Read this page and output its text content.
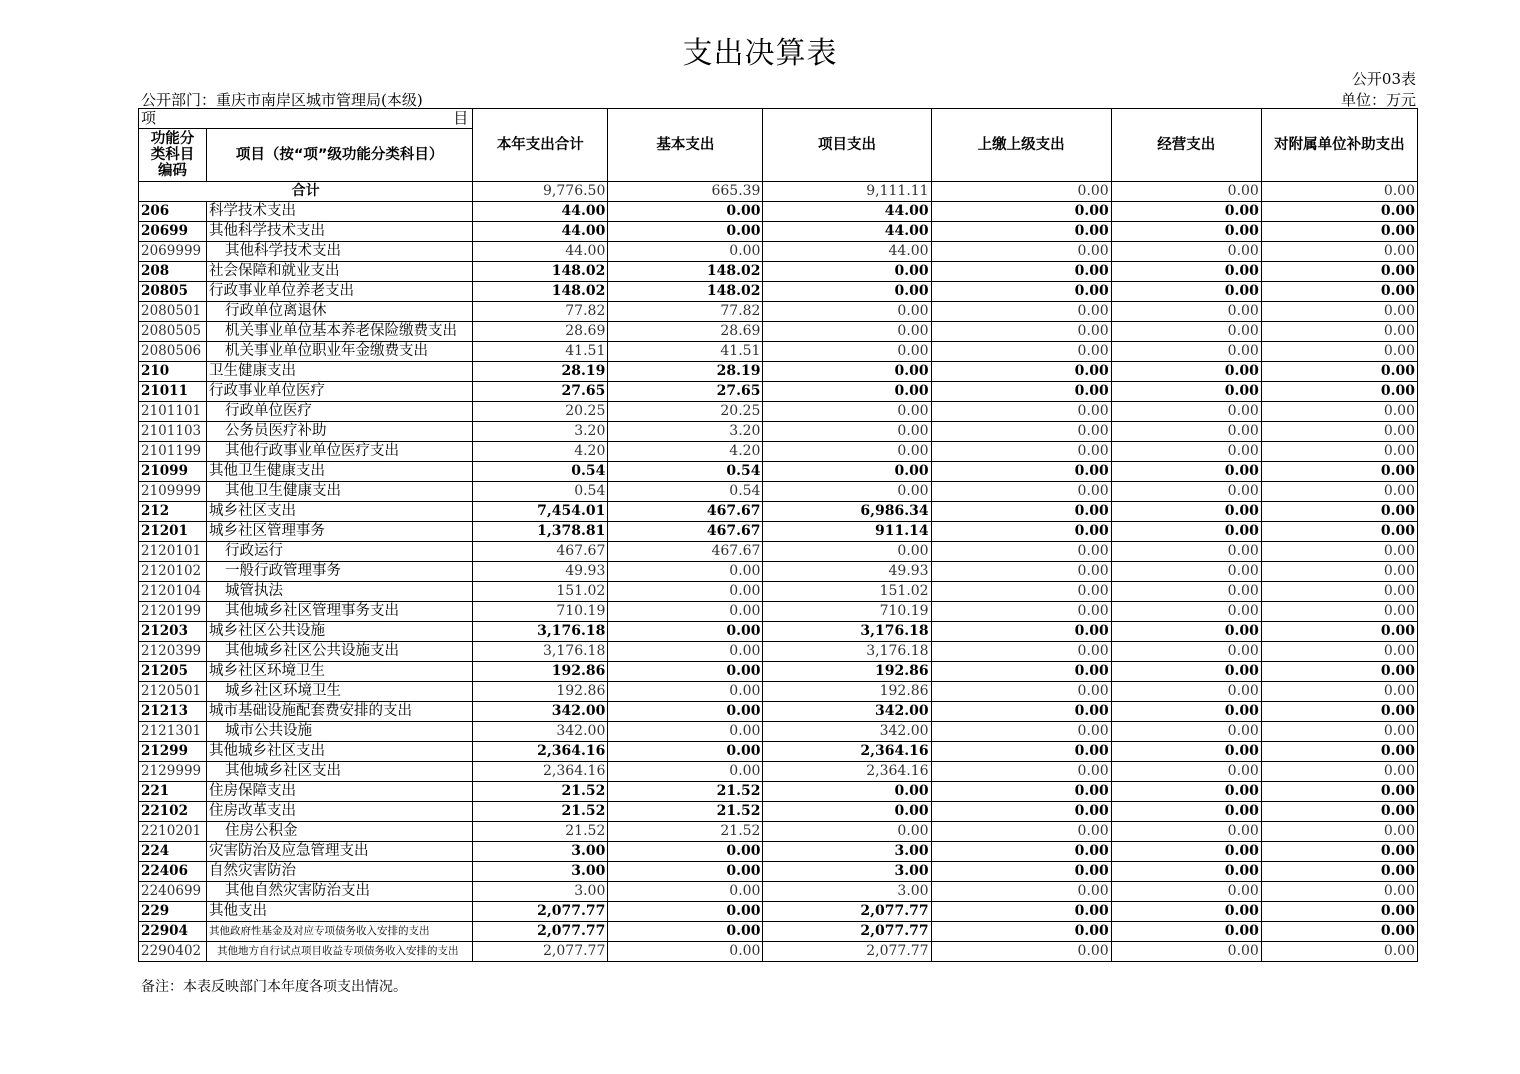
支出决算表
公开03表
公开部门：重庆市南岸区城市管理局(本级)	单位：万元
项 目		本年支出合计	基本支出	项目支出	上缴上级支出	经营支出	对附属单位补助支出

功能分
类科目
编码	项目（按“项”级功能分类科目）						
合计		9,776.50	665.39	9,111.11	0.00	0.00	0.00
206	科学技术支出	44.00	0.00	44.00	0.00	0.00	0.00
20699	其他科学技术支出	44.00	0.00	44.00	0.00	0.00	0.00
2069999	其他科学技术支出	44.00	0.00	44.00	0.00	0.00	0.00
208	社会保障和就业支出	148.02	148.02	0.00	0.00	0.00	0.00
20805	行政事业单位养老支出	148.02	148.02	0.00	0.00	0.00	0.00
2080501	行政单位离退休	77.82	77.82	0.00	0.00	0.00	0.00
2080505	机关事业单位基本养老保险缴费支出	28.69	28.69	0.00	0.00	0.00	0.00
2080506	机关事业单位职业年金缴费支出	41.51	41.51	0.00	0.00	0.00	0.00
210	卫生健康支出	28.19	28.19	0.00	0.00	0.00	0.00
21011	行政事业单位医疗	27.65	27.65	0.00	0.00	0.00	0.00
2101101	行政单位医疗	20.25	20.25	0.00	0.00	0.00	0.00
2101103	公务员医疗补助	3.20	3.20	0.00	0.00	0.00	0.00
2101199	其他行政事业单位医疗支出	4.20	4.20	0.00	0.00	0.00	0.00
21099	其他卫生健康支出	0.54	0.54	0.00	0.00	0.00	0.00
2109999	其他卫生健康支出	0.54	0.54	0.00	0.00	0.00	0.00
212	城乡社区支出	7,454.01	467.67	6,986.34	0.00	0.00	0.00
21201	城乡社区管理事务	1,378.81	467.67	911.14	0.00	0.00	0.00
2120101	行政运行	467.67	467.67	0.00	0.00	0.00	0.00
2120102	一般行政管理事务	49.93	0.00	49.93	0.00	0.00	0.00
2120104	城管执法	151.02	0.00	151.02	0.00	0.00	0.00
2120199	其他城乡社区管理事务支出	710.19	0.00	710.19	0.00	0.00	0.00
21203	城乡社区公共设施	3,176.18	0.00	3,176.18	0.00	0.00	0.00
2120399	其他城乡社区公共设施支出	3,176.18	0.00	3,176.18	0.00	0.00	0.00
21205	城乡社区环境卫生	192.86	0.00	192.86	0.00	0.00	0.00
2120501	城乡社区环境卫生	192.86	0.00	192.86	0.00	0.00	0.00
21213	城市基础设施配套费安排的支出	342.00	0.00	342.00	0.00	0.00	0.00
2121301	城市公共设施	342.00	0.00	342.00	0.00	0.00	0.00
21299	其他城乡社区支出	2,364.16	0.00	2,364.16	0.00	0.00	0.00
2129999	其他城乡社区支出	2,364.16	0.00	2,364.16	0.00	0.00	0.00
221	住房保障支出	21.52	21.52	0.00	0.00	0.00	0.00
22102	住房改革支出	21.52	21.52	0.00	0.00	0.00	0.00
2210201	住房公积金	21.52	21.52	0.00	0.00	0.00	0.00
224	灾害防治及应急管理支出	3.00	0.00	3.00	0.00	0.00	0.00
22406	自然灾害防治	3.00	0.00	3.00	0.00	0.00	0.00
2240699	其他自然灾害防治支出	3.00	0.00	3.00	0.00	0.00	0.00
229	其他支出	2,077.77	0.00	2,077.77	0.00	0.00	0.00
22904	其他政府性基金及对应专项债务收入安排的支出	2,077.77	0.00	2,077.77	0.00	0.00	0.00
2290402	其他地方自行试点项目收益专项债务收入安排的支出	2,077.77	0.00	2,077.77	0.00	0.00	0.00
备注：本表反映部门本年度各项支出情况。
